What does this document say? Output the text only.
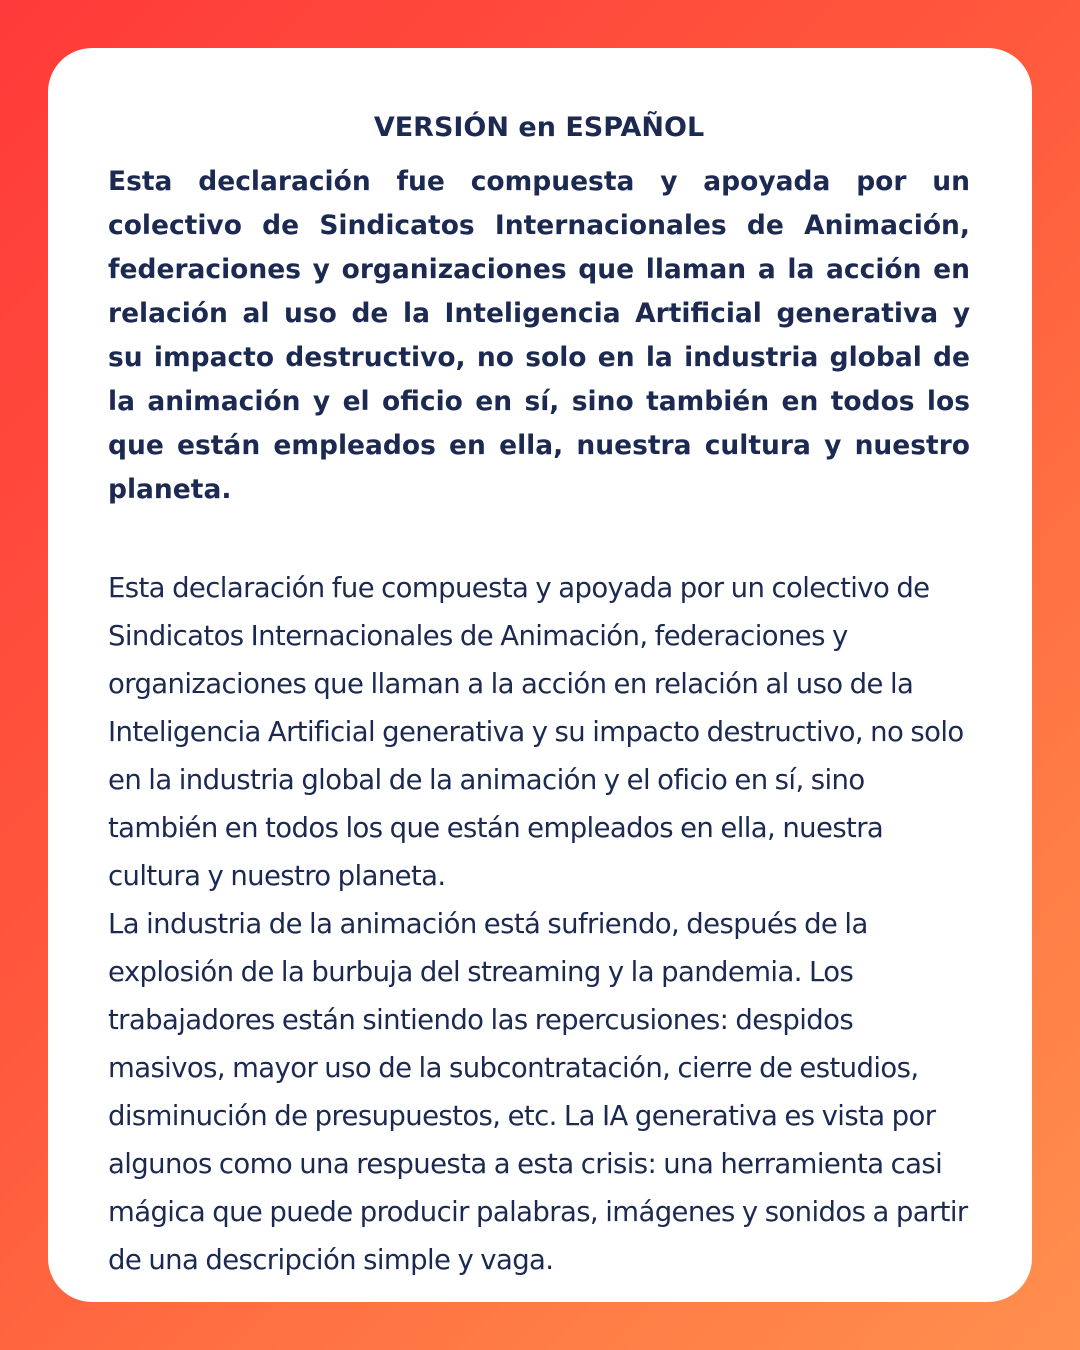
VERSIÓN en ESPAÑOL

Esta declaración fue compuesta y apoyada por un colectivo de Sindicatos Internacionales de Animación, federaciones y organizaciones que llaman a la acción en relación al uso de la Inteligencia Artificial generativa y su impacto destructivo, no solo en la industria global de la animación y el oficio en sí, sino también en todos los que están empleados en ella, nuestra cultura y nuestro planeta.

Esta declaración fue compuesta y apoyada por un colectivo de Sindicatos Internacionales de Animación, federaciones y organizaciones que llaman a la acción en relación al uso de la Inteligencia Artificial generativa y su impacto destructivo, no solo en la industria global de la animación y el oficio en sí, sino también en todos los que están empleados en ella, nuestra cultura y nuestro planeta.

La industria de la animación está sufriendo, después de la explosión de la burbuja del streaming y la pandemia. Los trabajadores están sintiendo las repercusiones: despidos masivos, mayor uso de la subcontratación, cierre de estudios, disminución de presupuestos, etc. La IA generativa es vista por algunos como una respuesta a esta crisis: una herramienta casi mágica que puede producir palabras, imágenes y sonidos a partir de una descripción simple y vaga.
